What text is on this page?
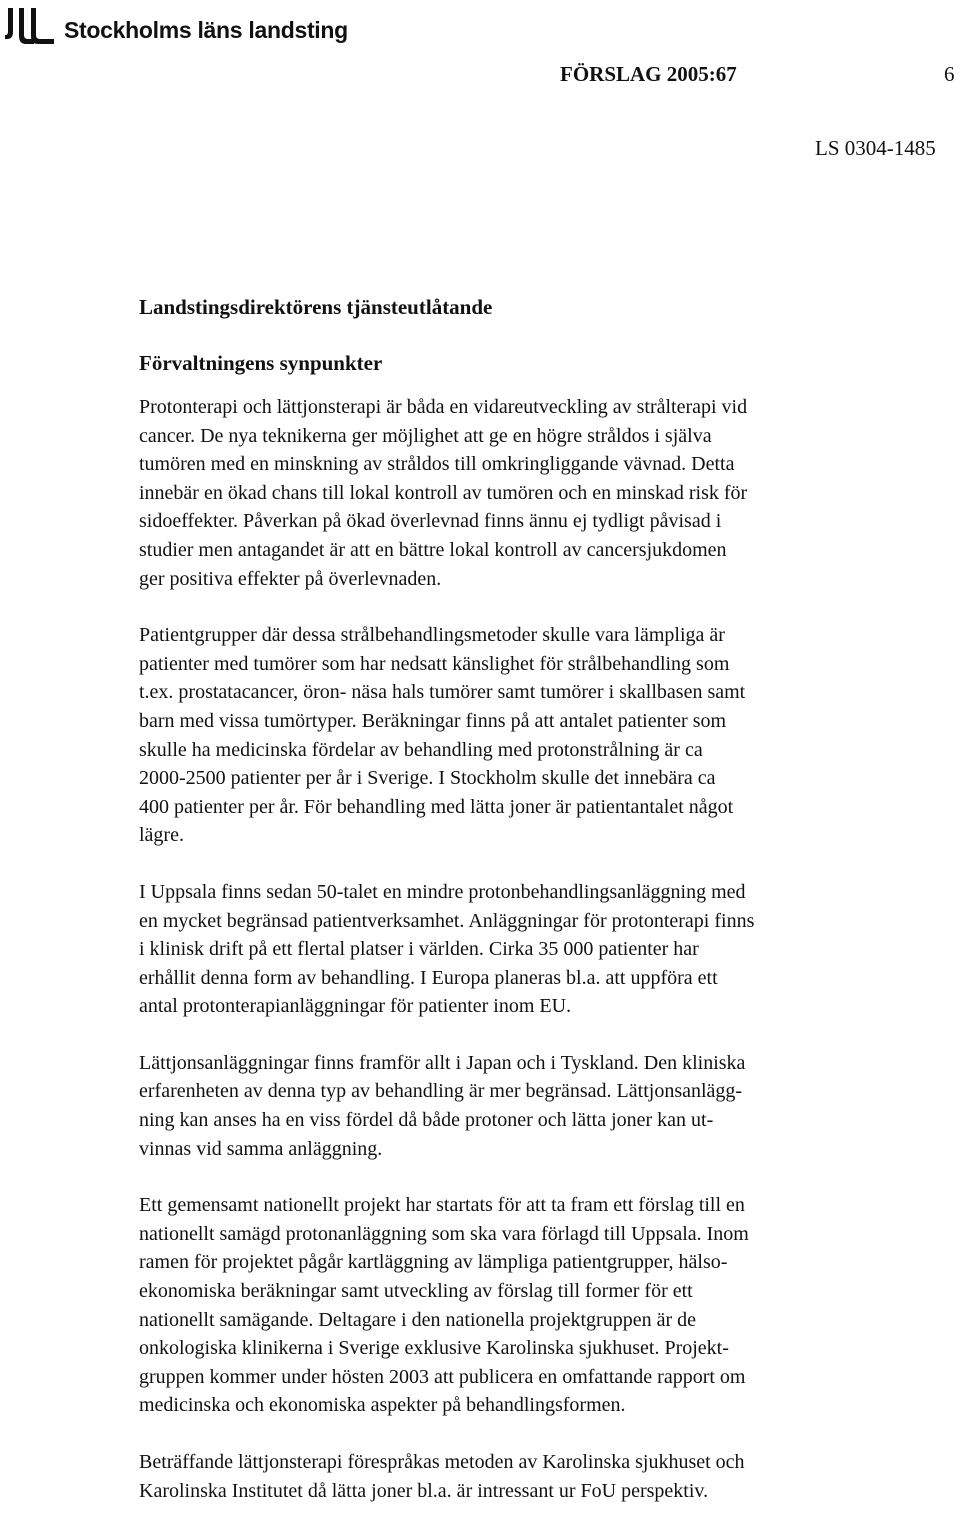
Stockholms läns landsting
FÖRSLAG 2005:67	6
LS 0304-1485
Landstingsdirektörens tjänsteutlåtande
Förvaltningens synpunkter

Protonterapi och lättjonsterapi är båda en vidareutveckling av strålterapi vid
cancer. De nya teknikerna ger möjlighet att ge en högre stråldos i själva
tumören med en minskning av stråldos till omkringliggande vävnad. Detta
innebär en ökad chans till lokal kontroll av tumören och en minskad risk för
sidoeffekter. Påverkan på ökad överlevnad finns ännu ej tydligt påvisad i
studier men antagandet är att en bättre lokal kontroll av cancersjukdomen
ger positiva effekter på överlevnaden.

Patientgrupper där dessa strålbehandlingsmetoder skulle vara lämpliga är
patienter med tumörer som har nedsatt känslighet för strålbehandling som
t.ex. prostatacancer, öron- näsa hals tumörer samt tumörer i skallbasen samt
barn med vissa tumörtyper. Beräkningar finns på att antalet patienter som
skulle ha medicinska fördelar av behandling med protonstrålning är ca
2000-2500 patienter per år i Sverige. I Stockholm skulle det innebära ca
400 patienter per år. För behandling med lätta joner är patientantalet något
lägre.

I Uppsala finns sedan 50-talet en mindre protonbehandlingsanläggning med
en mycket begränsad patientverksamhet. Anläggningar för protonterapi finns
i klinisk drift på ett flertal platser i världen. Cirka 35 000 patienter har
erhållit denna form av behandling. I Europa planeras bl.a. att uppföra ett
antal protonterapianläggningar för patienter inom EU.

Lättjonsanläggningar finns framför allt i Japan och i Tyskland. Den kliniska
erfarenheten av denna typ av behandling är mer begränsad. Lättjonsanlägg-
ning kan anses ha en viss fördel då både protoner och lätta joner kan ut-
vinnas vid samma anläggning.

Ett gemensamt nationellt projekt har startats för att ta fram ett förslag till en
nationellt samägd protonanläggning som ska vara förlagd till Uppsala. Inom
ramen för projektet pågår kartläggning av lämpliga patientgrupper, hälso-
ekonomiska beräkningar samt utveckling av förslag till former för ett
nationellt samägande. Deltagare i den nationella projektgruppen är de
onkologiska klinikerna i Sverige exklusive Karolinska sjukhuset. Projekt-
gruppen kommer under hösten 2003 att publicera en omfattande rapport om
medicinska och ekonomiska aspekter på behandlingsformen.

Beträffande lättjonsterapi förespråkas metoden av Karolinska sjukhuset och
Karolinska Institutet då lätta joner bl.a. är intressant ur FoU perspektiv.
